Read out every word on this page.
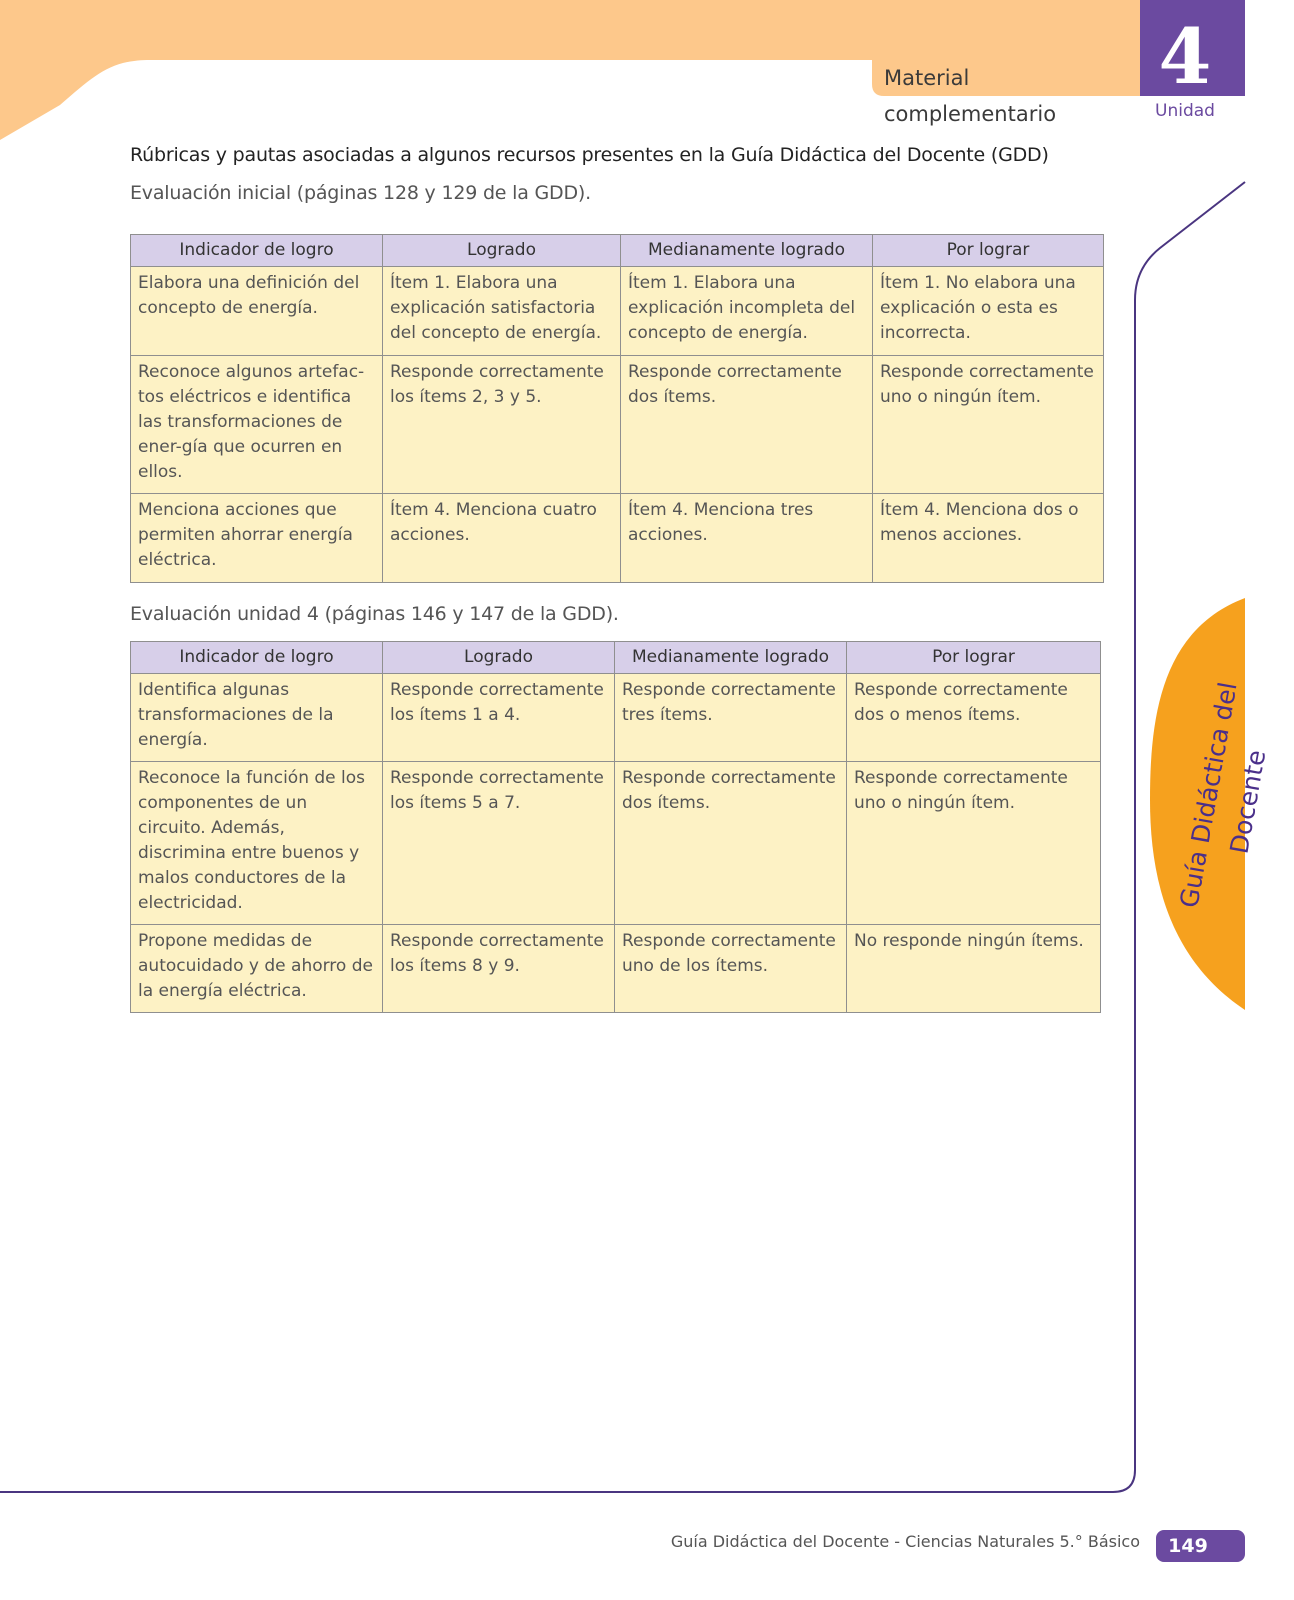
Material complementario
4
Unidad
Guía Didáctica del Docente
Rúbricas y pautas asociadas a algunos recursos presentes en la Guía Didáctica del Docente (GDD)
Evaluación inicial (páginas 128 y 129 de la GDD).
Indicador de logro	Logrado	Medianamente logrado	Por lograr
Elabora una definición del concepto de energía.	Ítem 1. Elabora una explicación satisfactoria del concepto de energía.	Ítem 1. Elabora una explicación incompleta del concepto de energía.	Ítem 1. No elabora una explicación o esta es incorrecta.
Reconoce algunos artefac-tos eléctricos e identifica las transformaciones de ener-gía que ocurren en ellos.	Responde correctamente los ítems 2, 3 y 5.	Responde correctamente dos ítems.	Responde correctamente uno o ningún ítem.
Menciona acciones que permiten ahorrar energía eléctrica.	Ítem 4. Menciona cuatro acciones.	Ítem 4. Menciona tres acciones.	Ítem 4. Menciona dos o menos acciones.
Evaluación unidad 4 (páginas 146 y 147 de la GDD).
Indicador de logro	Logrado	Medianamente logrado	Por lograr
Identifica algunas transformaciones de la energía.	Responde correctamente los ítems 1 a 4.	Responde correctamente tres ítems.	Responde correctamente dos o menos ítems.
Reconoce la función de los componentes de un circuito. Además, discrimina entre buenos y malos conductores de la electricidad.	Responde correctamente los ítems 5 a 7.	Responde correctamente dos ítems.	Responde correctamente uno o ningún ítem.
Propone medidas de autocuidado y de ahorro de la energía eléctrica.	Responde correctamente los ítems 8 y 9.	Responde correctamente uno de los ítems.	No responde ningún ítems.
Guía Didáctica del Docente - Ciencias Naturales 5.° Básico	149
